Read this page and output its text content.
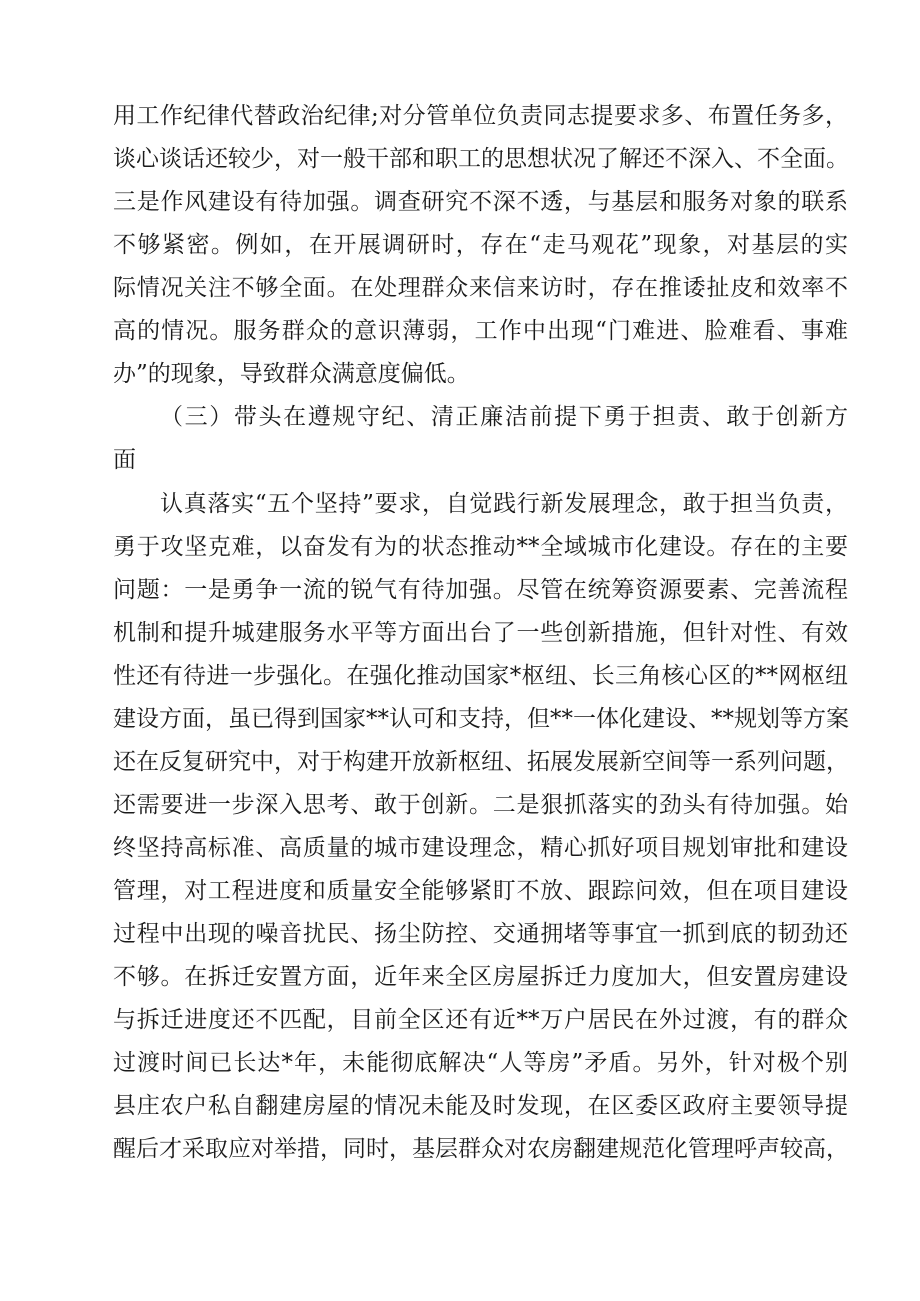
用工作纪律代替政治纪律;对分管单位负责同志提要求多、布置任务多，
谈心谈话还较少，对一般干部和职工的思想状况了解还不深入、不全面。
三是作风建设有待加强。调查研究不深不透，与基层和服务对象的联系
不够紧密。例如，在开展调研时，存在“走马观花”现象，对基层的实
际情况关注不够全面。在处理群众来信来访时，存在推诿扯皮和效率不
高的情况。服务群众的意识薄弱，工作中出现“门难进、脸难看、事难
办”的现象，导致群众满意度偏低。
（三）带头在遵规守纪、清正廉洁前提下勇于担责、敢于创新方
面
认真落实“五个坚持”要求，自觉践行新发展理念，敢于担当负责，
勇于攻坚克难，以奋发有为的状态推动**全域城市化建设。存在的主要
问题：一是勇争一流的锐气有待加强。尽管在统筹资源要素、完善流程
机制和提升城建服务水平等方面出台了一些创新措施，但针对性、有效
性还有待进一步强化。在强化推动国家*枢纽、长三角核心区的**网枢纽
建设方面，虽已得到国家**认可和支持，但**一体化建设、**规划等方案
还在反复研究中，对于构建开放新枢纽、拓展发展新空间等一系列问题，
还需要进一步深入思考、敢于创新。二是狠抓落实的劲头有待加强。始
终坚持高标准、高质量的城市建设理念，精心抓好项目规划审批和建设
管理，对工程进度和质量安全能够紧盯不放、跟踪问效，但在项目建设
过程中出现的噪音扰民、扬尘防控、交通拥堵等事宜一抓到底的韧劲还
不够。在拆迁安置方面，近年来全区房屋拆迁力度加大，但安置房建设
与拆迁进度还不匹配，目前全区还有近**万户居民在外过渡，有的群众
过渡时间已长达*年，未能彻底解决“人等房”矛盾。另外，针对极个别
县庄农户私自翻建房屋的情况未能及时发现，在区委区政府主要领导提
醒后才采取应对举措，同时，基层群众对农房翻建规范化管理呼声较高，
